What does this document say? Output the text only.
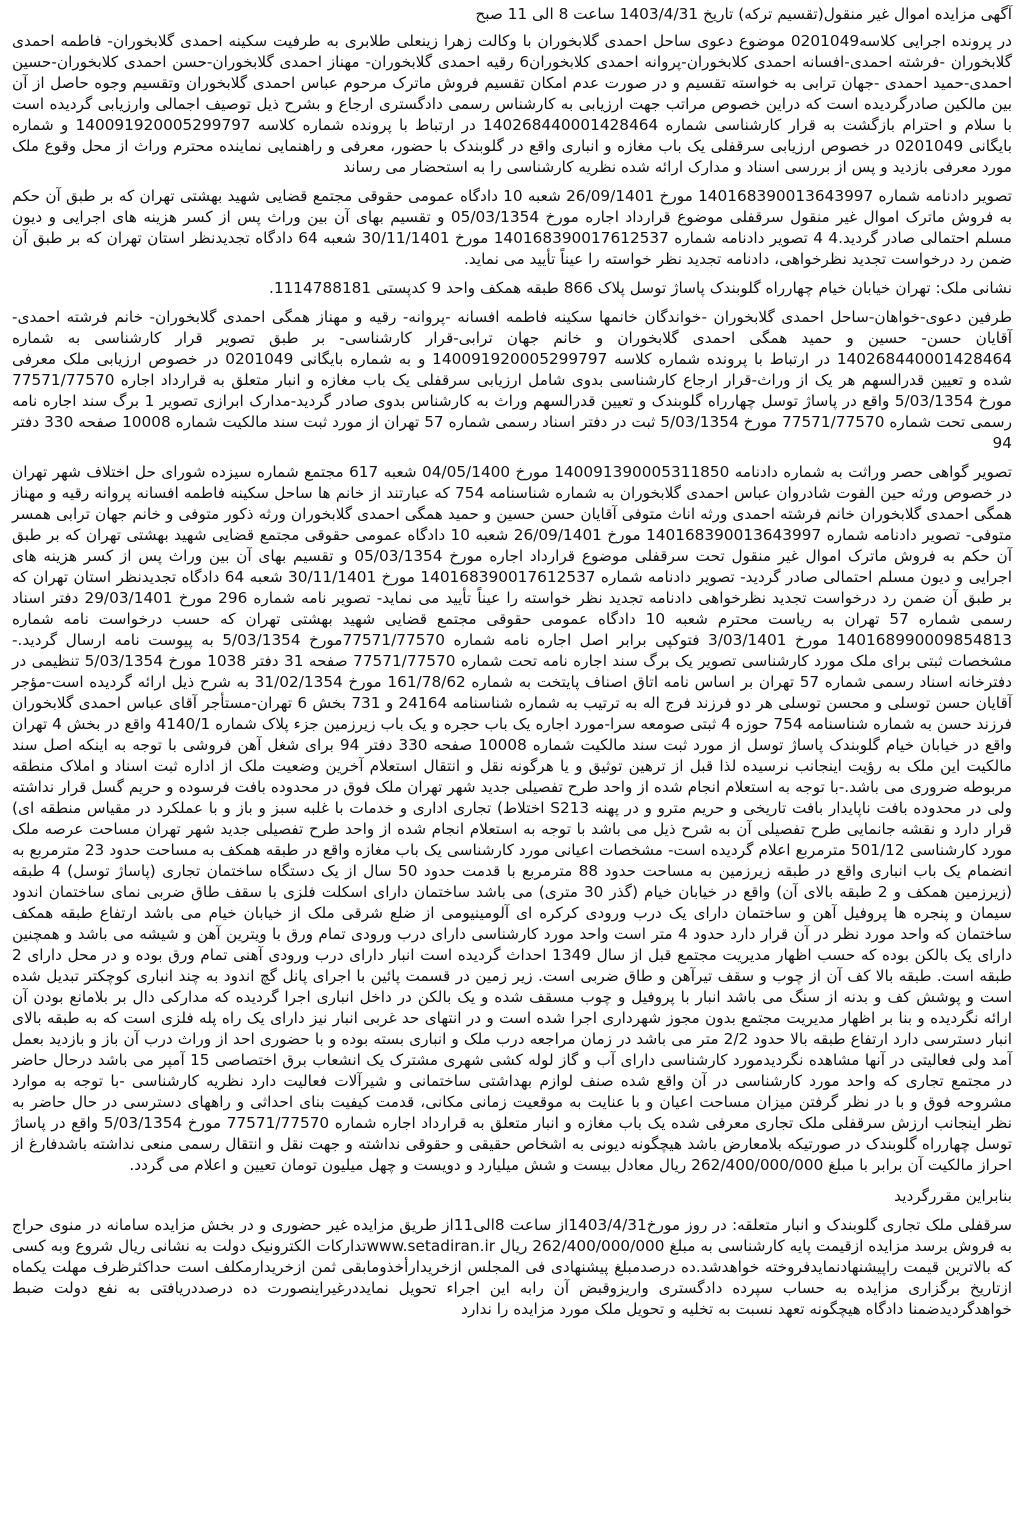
آگهی مزایده اموال غیر منقول(تقسیم ترکه) تاریخ 1403/4/31 ساعت 8 الی 11 صبح

در پرونده اجرایی کلاسه0201049 موضوع دعوی ساحل احمدی گلابخوران با وکالت زهرا زینعلی طلابری به طرفیت سکینه احمدی گلابخوران- فاطمه احمدی گلابخوران -فرشته احمدی-افسانه احمدی کلابخوران-پروانه احمدی کلابخوران6 رقیه احمدی گلابخوران- مهناز احمدی گلابخوران-حسن احمدی کلابخوران-حسین احمدی-حمید احمدی -جهان ترابی به خواسته تقسیم و در صورت عدم امکان تقسیم فروش ماترک مرحوم عباس احمدی گلابخوران وتقسیم وجوه حاصل از آن بین مالکین صادرگردیده است که دراین خصوص مراتب جهت ارزیابی به کارشناس رسمی دادگستری ارجاع و بشرح ذیل توصیف اجمالی وارزیابی گردیده است با سلام و احترام بازگشت به قرار کارشناسی شماره 140268440001428464 در ارتباط با پرونده شماره کلاسه 140091920005299797 و شماره بایگانی 0201049 در خصوص ارزیابی سرقفلی یک باب مغازه و انباری واقع در گلوبندک با حضور، معرفی و راهنمایی نماینده محترم وراث از محل وقوع ملک مورد معرفی بازدید و پس از بررسی اسناد و مدارک ارائه شده نظریه کارشناسی را به استحضار می رساند

تصویر دادنامه شماره 140168390013643997 مورخ 26/09/1401 شعبه 10 دادگاه عمومی حقوقی مجتمع قضایی شهید بهشتی تهران که بر طبق آن حکم به فروش ماترک اموال غیر منقول سرقفلی موضوع قرارداد اجاره مورخ 05/03/1354 و تقسیم بهای آن بین وراث پس از کسر هزینه های اجرایی و دیون مسلم احتمالی صادر گردید.4 4 تصویر دادنامه شماره 140168390017612537 مورخ 30/11/1401 شعبه 64 دادگاه تجدیدنظر استان تهران که بر طبق آن ضمن رد درخواست تجدید نظرخواهی، دادنامه تجدید نظر خواسته را عیناً تأیید می نماید.

نشانی ملک: تهران خیابان خیام چهارراه گلوبندک پاساژ توسل پلاک 866 طبقه همکف واحد 9 کدپستی 1114788181.

طرفین دعوی-خواهان-ساحل احمدی گلابخوران -خواندگان خانمها سکینه فاطمه افسانه -پروانه- رقیه و مهناز همگی احمدی گلابخوران- خانم فرشته احمدی-آقایان حسن- حسین و حمید همگی احمدی گلابخوران و خانم جهان ترابی-قرار کارشناسی- بر طبق تصویر قرار کارشناسی به شماره 140268440001428464 در ارتباط با پرونده شماره کلاسه 140091920005299797 و به شماره بایگانی 0201049 در خصوص ارزیابی ملک معرفی شده و تعیین قدرالسهم هر یک از وراث-قرار ارجاع کارشناسی بدوی شامل ارزیابی سرقفلی یک باب مغازه و انبار متعلق به قرارداد اجاره 77571/77570 مورخ 5/03/1354 واقع در پاساژ توسل چهارراه گلوبندک و تعیین قدرالسهم وراث به کارشناس بدوی صادر گردید-مدارک ابرازی تصویر 1 برگ سند اجاره نامه رسمی تحت شماره 77571/77570 مورخ 5/03/1354 ثبت در دفتر اسناد رسمی شماره 57 تهران از مورد ثبت سند مالکیت شماره 10008 صفحه 330 دفتر 94

تصویر گواهی حصر وراثت به شماره دادنامه 140091390005311850 مورخ 04/05/1400 شعبه 617 مجتمع شماره سیزده شورای حل اختلاف شهر تهران در خصوص ورثه حین الفوت شادروان عباس احمدی گلابخوران به شماره شناسنامه 754 که عبارتند از خانم ها ساحل سکینه فاطمه افسانه پروانه رقیه و مهناز همگی احمدی گلابخوران خانم فرشته احمدی ورثه اناث متوفی آقایان حسن حسین و حمید همگی احمدی گلابخوران ورثه ذکور متوفی و خانم جهان ترابی همسر متوفی- تصویر دادنامه شماره 140168390013643997 مورخ 26/09/1401 شعبه 10 دادگاه عمومی حقوقی مجتمع قضایی شهید بهشتی تهران که بر طبق آن حکم به فروش ماترک اموال غیر منقول تحت سرقفلی موضوع قرارداد اجاره مورخ 05/03/1354 و تقسیم بهای آن بین وراث پس از کسر هزینه های اجرایی و دیون مسلم احتمالی صادر گردید- تصویر دادنامه شماره 140168390017612537 مورخ 30/11/1401 شعبه 64 دادگاه تجدیدنظر استان تهران که بر طبق آن ضمن رد درخواست تجدید نظرخواهی دادنامه تجدید نظر خواسته را عیناً تأیید می نماید- تصویر نامه شماره 296 مورخ 29/03/1401 دفتر اسناد رسمی شماره 57 تهران به ریاست محترم شعبه 10 دادگاه عمومی حقوقی مجتمع قضایی شهید بهشتی تهران که حسب درخواست نامه شماره 140168990009854813 مورخ 3/03/1401 فتوکپی برابر اصل اجاره نامه شماره 77571/77570مورخ 5/03/1354 به پیوست نامه ارسال گردید.- مشخصات ثبتی برای ملک مورد کارشناسی تصویر یک برگ سند اجاره نامه تحت شماره 77571/77570 صفحه 31 دفتر 1038 مورخ 5/03/1354 تنظیمی در دفترخانه اسناد رسمی شماره 57 تهران بر اساس نامه اتاق اصناف پایتخت به شماره 161/78/62 مورخ 31/02/1354 به شرح ذیل ارائه گردیده است-مؤجر آقایان حسن توسلی و محسن توسلی هر دو فرزند فرج اله به ترتیب به شماره شناسنامه 24164 و 731 بخش 6 تهران-مستأجر آقای عباس احمدی گلابخوران فرزند حسن به شماره شناسنامه 754 حوزه 4 ثبتی صومعه سرا-مورد اجاره یک باب حجره و یک باب زیرزمین جزء پلاک شماره 4140/1 واقع در بخش 4 تهران واقع در خیابان خیام گلوبندک پاساژ توسل از مورد ثبت سند مالکیت شماره 10008 صفحه 330 دفتر 94 برای شغل آهن فروشی با توجه به اینکه اصل سند مالکیت این ملک به رؤیت اینجانب نرسیده لذا قبل از ترهین توثیق و یا هرگونه نقل و انتقال استعلام آخرین وضعیت ملک از اداره ثبت اسناد و املاک منطقه مربوطه ضروری می باشد.-با توجه به استعلام انجام شده از واحد طرح تفصیلی جدید شهر تهران ملک فوق در محدوده بافت فرسوده و حریم گسل قرار نداشته ولی در محدوده بافت ناپایدار بافت تاریخی و حریم مترو و در پهنه S213 اختلاط) تجاری اداری و خدمات با غلبه سبز و باز و با عملکرد در مقیاس منطقه ای) قرار دارد و نقشه جانمایی طرح تفصیلی آن به شرح ذیل می باشد با توجه به استعلام انجام شده از واحد طرح تفصیلی جدید شهر تهران مساحت عرصه ملک مورد کارشناسی 501/12 مترمربع اعلام گردیده است- مشخصات اعیانی مورد کارشناسی یک باب مغازه واقع در طبقه همکف به مساحت حدود 23 مترمربع به انضمام یک باب انباری واقع در طبقه زیرزمین به مساحت حدود 88 مترمربع با قدمت حدود 50 سال از یک دستگاه ساختمان تجاری (پاساژ توسل) 4 طبقه (زیرزمین همکف و 2 طبقه بالای آن) واقع در خیابان خیام (گذر 30 متری) می باشد ساختمان دارای اسکلت فلزی با سقف طاق ضربی نمای ساختمان اندود سیمان و پنجره ها پروفیل آهن و ساختمان دارای یک درب ورودی کرکره ای آلومینیومی از ضلع شرقی ملک از خیابان خیام می باشد ارتفاع طبقه همکف ساختمان که واحد مورد نظر در آن قرار دارد حدود 4 متر است واحد مورد کارشناسی دارای درب ورودی تمام ورق با ویترین آهن و شیشه می باشد و همچنین دارای یک بالکن بوده که حسب اظهار مدیریت مجتمع قبل از سال 1349 احداث گردیده است انبار دارای درب ورودی آهنی تمام ورق بوده و در محل دارای 2 طبقه است. طبقه بالا کف آن از چوب و سقف تیرآهن و طاق ضربی است. زیر زمین در قسمت پائین با اجرای پانل گچ اندود به چند انباری کوچکتر تبدیل شده است و پوشش کف و بدنه از سنگ می باشد انبار با پروفیل و چوب مسقف شده و یک بالکن در داخل انباری اجرا گردیده که مدارکی دال بر بلامانع بودن آن ارائه نگردیده و بنا بر اظهار مدیریت مجتمع بدون مجوز شهرداری اجرا شده است و در انتهای حد غربی انبار نیز دارای یک راه پله فلزی است که به طبقه بالای انبار دسترسی دارد ارتفاع طبقه بالا حدود 2/2 متر می باشد در زمان مراجعه درب ملک و انباری بسته بوده و با حضوری احد از وراث درب آن باز و بازدید بعمل آمد ولی فعالیتی در آنها مشاهده نگردیدمورد کارشناسی دارای آب و گاز لوله کشی شهری مشترک یک انشعاب برق اختصاصی 15 آمپر می باشد درحال حاضر در مجتمع تجاری که واحد مورد کارشناسی در آن واقع شده صنف لوازم بهداشتی ساختمانی و شیرآلات فعالیت دارد نظریه کارشناسی -با توجه به موارد مشروحه فوق و با در نظر گرفتن میزان مساحت اعیان و با عنایت به موقعیت زمانی مکانی، قدمت کیفیت بنای احداثی و راههای دسترسی در حال حاضر به نظر اینجانب ارزش سرقفلی ملک تجاری معرفی شده یک باب مغازه و انبار متعلق به قرارداد اجاره شماره 77571/77570 مورخ 5/03/1354 واقع در پاساژ توسل چهارراه گلوبندک در صورتیکه بلامعارض باشد هیچگونه دیونی به اشخاص حقیقی و حقوقی نداشته و جهت نقل و انتقال رسمی منعی نداشته باشدفارغ از احراز مالکیت آن برابر با مبلغ 262/400/000/000 ریال معادل بیست و شش میلیارد و دویست و چهل میلیون تومان تعیین و اعلام می گردد.

بنابراین مقررگردید

سرقفلی ملک تجاری گلوبندک و انبار متعلقه: در روز مورخ1403/4/31از ساعت 8الی11از طریق مزایده غیر حضوری و در بخش مزایده سامانه در منوی حراج به فروش برسد مزایده ازقیمت پایه کارشناسی به مبلغ 262/400/000/000 ریال www.setadiran.irتدارکات الکترونیک دولت به نشانی ریال شروع وبه کسی که بالاترین قیمت راپیشنهادنمایدفروخته خواهدشد.ده درصدمبلغ پیشنهادی فی المجلس ازخریدارأخذومابقی ثمن ازخریدارمکلف است حداکثرظرف مهلت یکماه ازتاریخ برگزاری مزایده به حساب سپرده دادگستری واریزوقبض آن رابه این اجراء تحویل نمایددرغیراینصورت ده درصددریافتی به نفع دولت ضبط خواهدگردیدضمنا دادگاه هیچگونه تعهد نسبت به تخلیه و تحویل ملک مورد مزایده را ندارد
